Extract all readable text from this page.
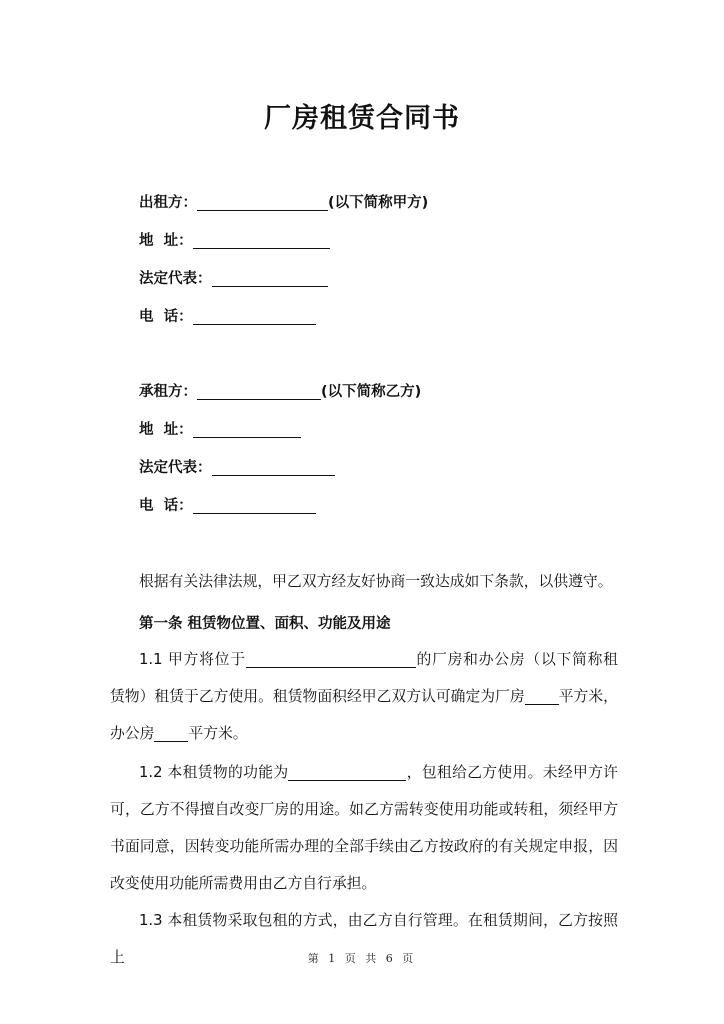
厂房租赁合同书
出租方：	(以下简称甲方)
地  址：
法定代表：
电  话：
承租方：	(以下简称乙方)
地  址：
法定代表：
电  话：

根据有关法律法规，甲乙双方经友好协商一致达成如下条款，以供遵守。

第一条 租赁物位置、面积、功能及用途

1.1 甲方将位于	的厂房和办公房（以下简称租赁物）租赁于乙方使用。租赁物面积经甲乙双方认可确定为厂房 平方米，办公房 平方米。

1.2 本租赁物的功能为	，包租给乙方使用。未经甲方许可，乙方不得擅自改变厂房的用途。如乙方需转变使用功能或转租，须经甲方书面同意，因转变功能所需办理的全部手续由乙方按政府的有关规定申报，因改变使用功能所需费用由乙方自行承担。

1.3 本租赁物采取包租的方式，由乙方自行管理。在租赁期间，乙方按照上	第 1 页 共 6 页
